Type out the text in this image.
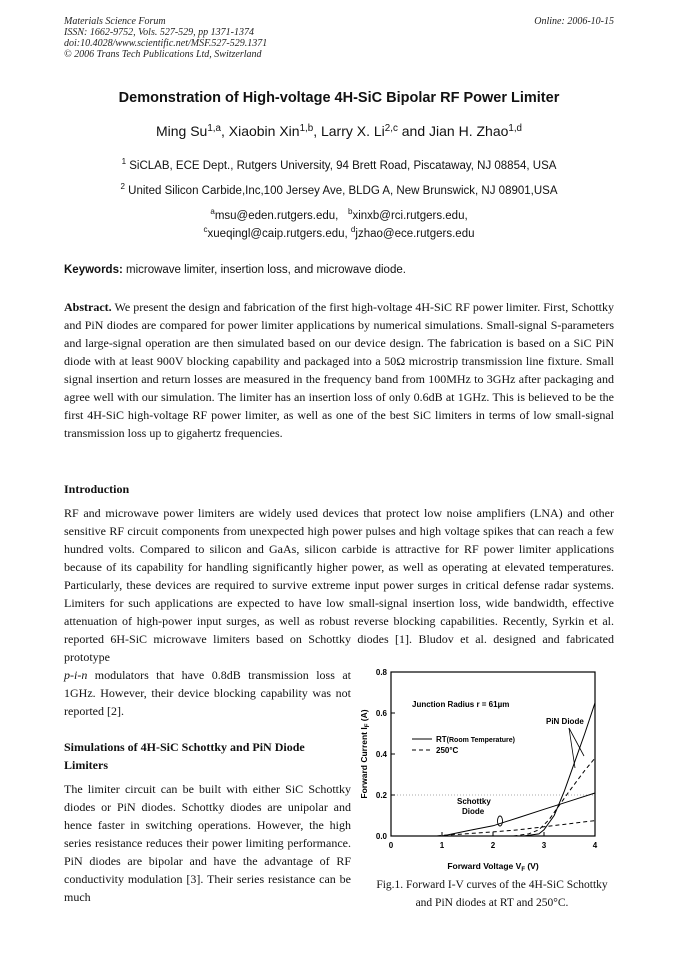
Materials Science Forum
ISSN: 1662-9752, Vols. 527-529, pp 1371-1374
doi:10.4028/www.scientific.net/MSF.527-529.1371
© 2006 Trans Tech Publications Ltd, Switzerland
Online: 2006-10-15
Demonstration of High-voltage 4H-SiC Bipolar RF Power Limiter
Ming Su$^{1,a}$, Xiaobin Xin$^{1,b}$, Larry X. Li$^{2,c}$ and Jian H. Zhao$^{1,d}$
$^1$ SiCLAB, ECE Dept., Rutgers University, 94 Brett Road, Piscataway, NJ 08854, USA
$^2$ United Silicon Carbide,Inc,100 Jersey Ave, BLDG A, New Brunswick, NJ 08901,USA
$^a$msu@eden.rutgers.edu, $^b$xinxb@rci.rutgers.edu,
$^c$xueqingl@caip.rutgers.edu, $^d$jzhao@ece.rutgers.edu
Keywords: microwave limiter, insertion loss, and microwave diode.
Abstract. We present the design and fabrication of the first high-voltage 4H-SiC RF power limiter. First, Schottky and PiN diodes are compared for power limiter applications by numerical simulations. Small-signal S-parameters and large-signal operation are then simulated based on our device design. The fabrication is based on a SiC PiN diode with at least 900V blocking capability and packaged into a 50Ω microstrip transmission line fixture. Small signal insertion and return losses are measured in the frequency band from 100MHz to 3GHz after packaging and agree well with our simulation. The limiter has an insertion loss of only 0.6dB at 1GHz. This is believed to be the first 4H-SiC high-voltage RF power limiter, as well as one of the best SiC limiters in terms of low small-signal transmission loss up to gigahertz frequencies.
Introduction
RF and microwave power limiters are widely used devices that protect low noise amplifiers (LNA) and other sensitive RF circuit components from unexpected high power pulses and high voltage spikes that can reach a few hundred volts. Compared to silicon and GaAs, silicon carbide is attractive for RF power limiter applications because of its capability for handling significantly higher power, as well as operating at elevated temperatures. Particularly, these devices are required to survive extreme input power surges in critical defense radar systems. Limiters for such applications are expected to have low small-signal insertion loss, wide bandwidth, effective attenuation of high-power input surges, as well as robust reverse blocking capabilities. Recently, Syrkin et al. reported 6H-SiC microwave limiters based on Schottky diodes [1]. Bludov et al. designed and fabricated prototype
p-i-n modulators that have 0.8dB transmission loss at 1GHz. However, their device blocking capability was not reported [2].
Simulations of 4H-SiC Schottky and PiN Diode Limiters
The limiter circuit can be built with either SiC Schottky diodes or PiN diodes. Schottky diodes are unipolar and hence faster in switching operations. However, the high series resistance reduces their power limiting performance. PiN diodes are bipolar and have the advantage of RF conductivity modulation [3]. Their series resistance can be much
0.0
0.2
0.4
0.6
0.8
0	1	2	3	4
Junction Radius r = 61µm
RT(Room Temperature)
250°C
PiN Diode
Schottky Diode
Forward Voltage $V_F$ (V)
Forward Current $I_F$ (A)
Fig.1. Forward I-V curves of the 4H-SiC Schottky and PiN diodes at RT and 250°C.
